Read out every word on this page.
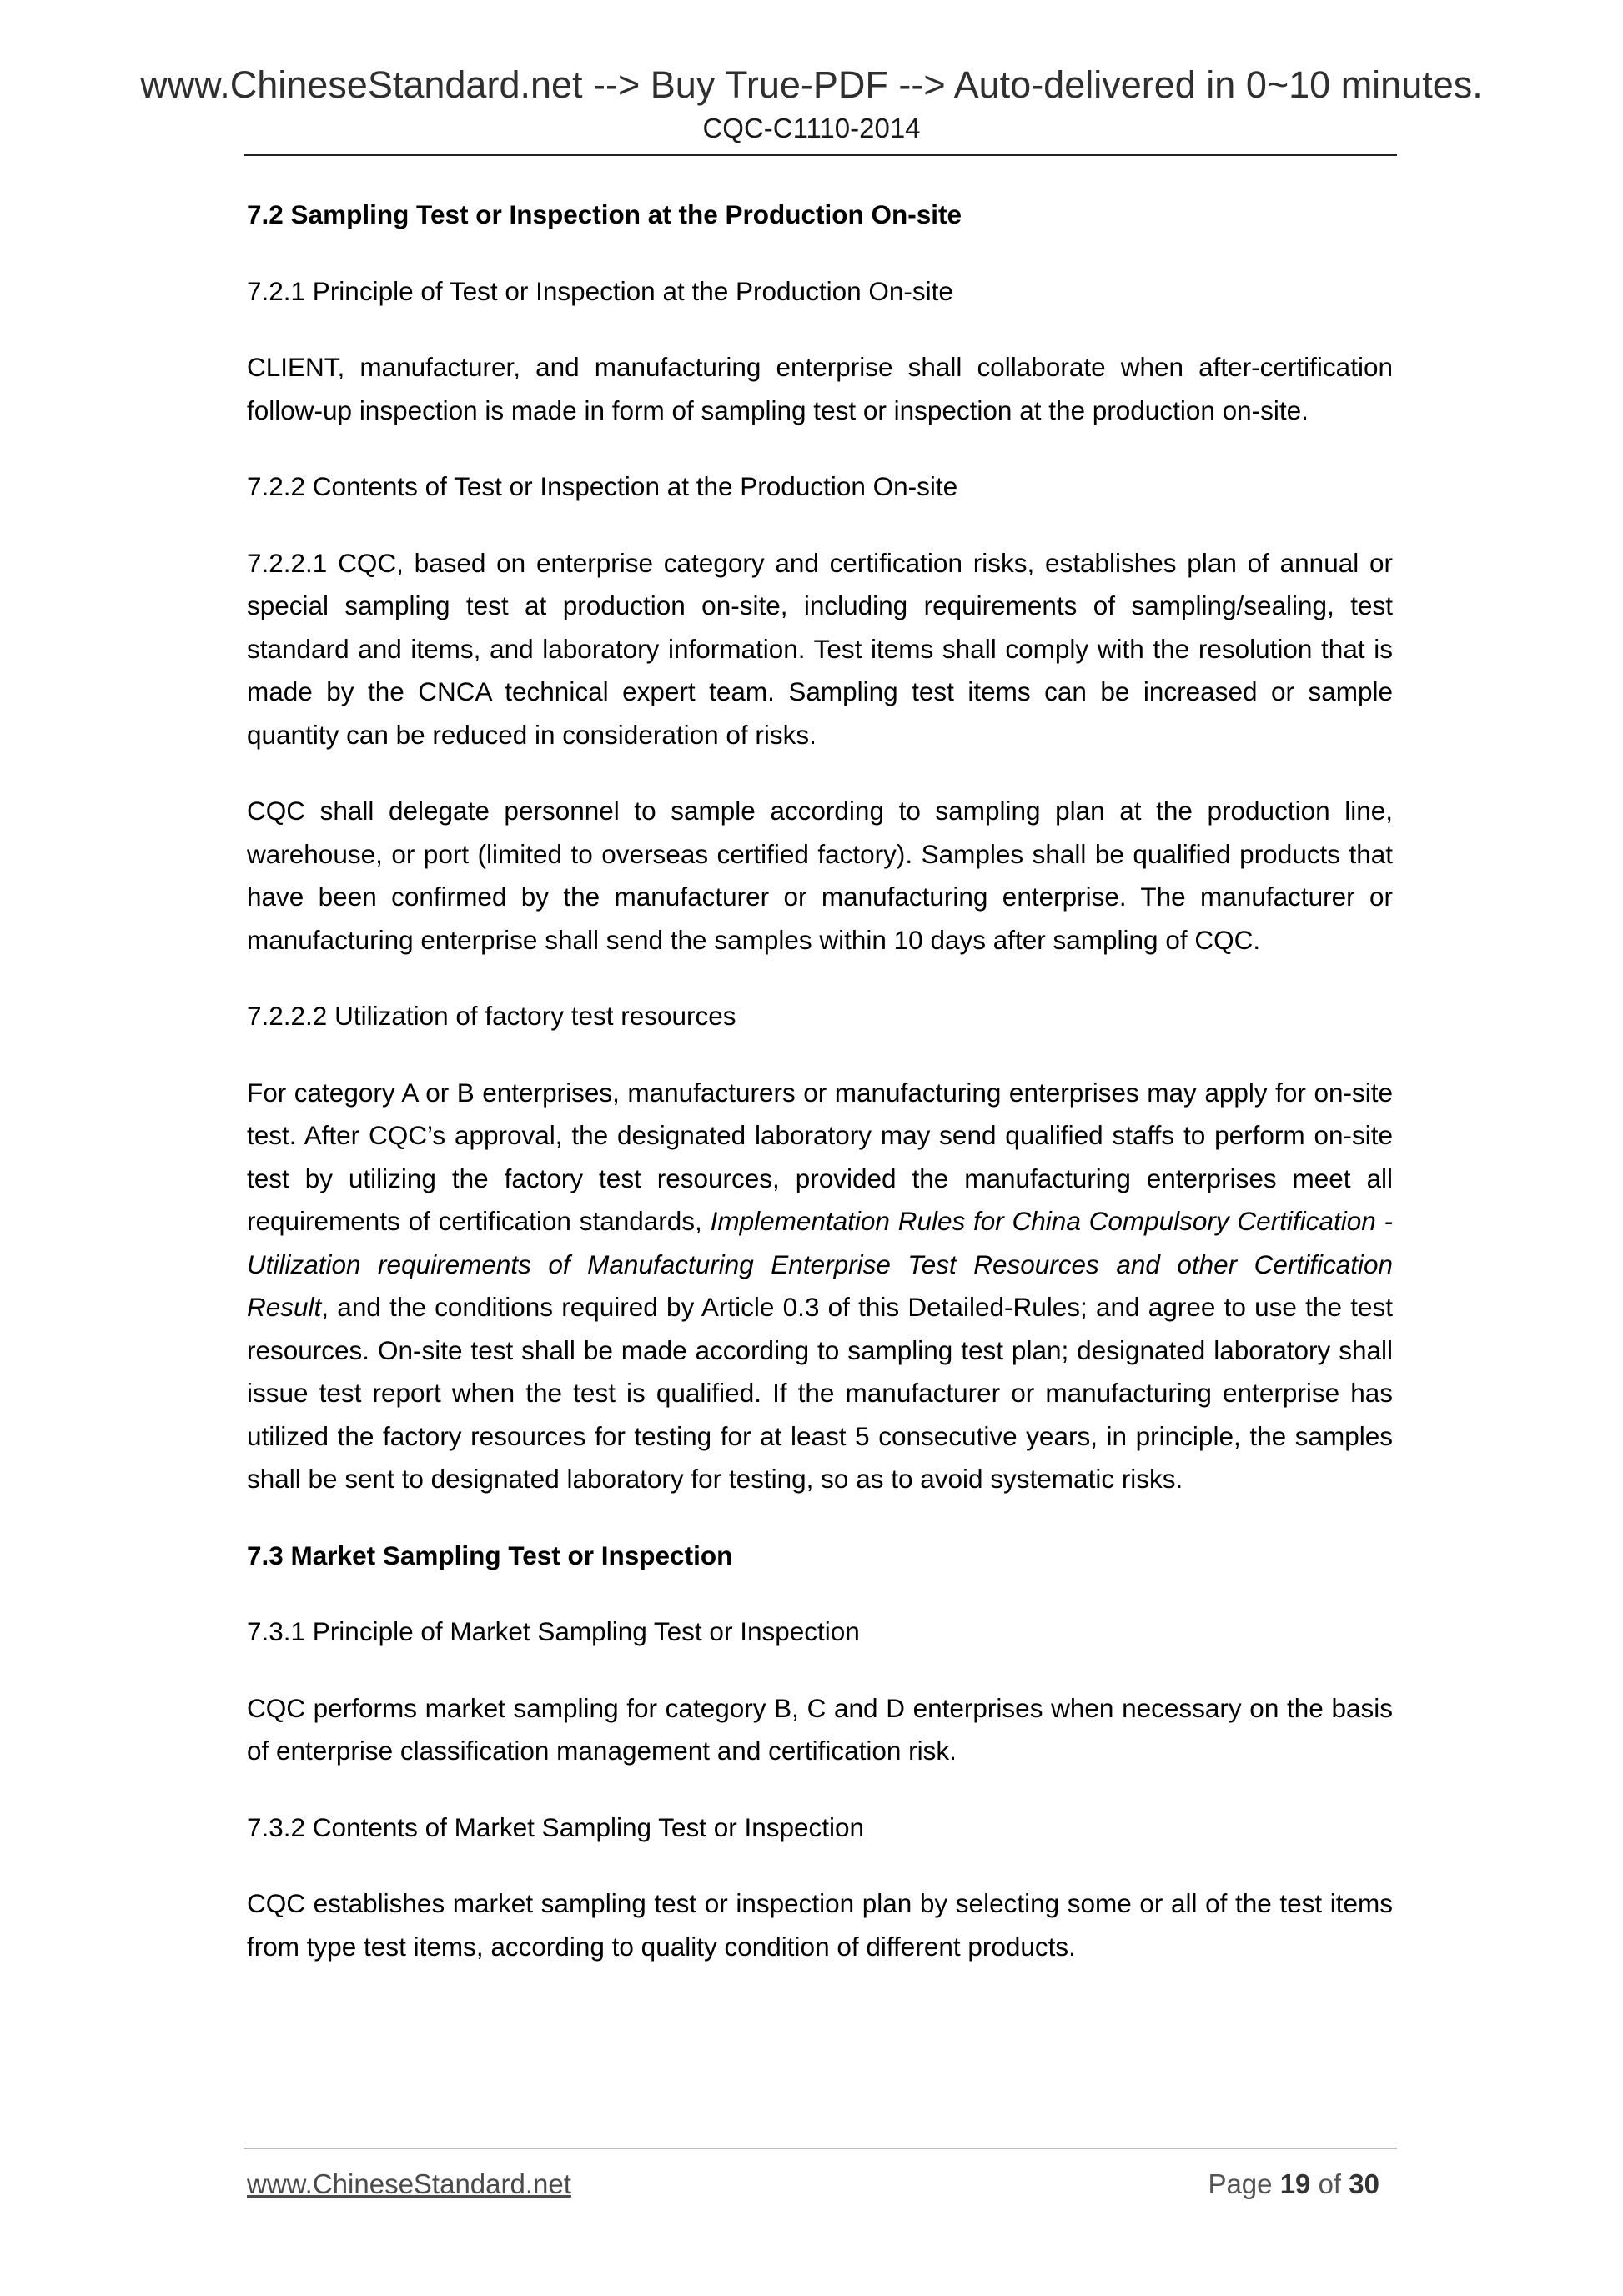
www.ChineseStandard.net --> Buy True-PDF --> Auto-delivered in 0~10 minutes.
CQC-C1110-2014

7.2 Sampling Test or Inspection at the Production On-site

7.2.1 Principle of Test or Inspection at the Production On-site

CLIENT, manufacturer, and manufacturing enterprise shall collaborate when after-certification follow-up inspection is made in form of sampling test or inspection at the production on-site.

7.2.2 Contents of Test or Inspection at the Production On-site

7.2.2.1 CQC, based on enterprise category and certification risks, establishes plan of annual or special sampling test at production on-site, including requirements of sampling/sealing, test standard and items, and laboratory information. Test items shall comply with the resolution that is made by the CNCA technical expert team. Sampling test items can be increased or sample quantity can be reduced in consideration of risks.

CQC shall delegate personnel to sample according to sampling plan at the production line, warehouse, or port (limited to overseas certified factory). Samples shall be qualified products that have been confirmed by the manufacturer or manufacturing enterprise. The manufacturer or manufacturing enterprise shall send the samples within 10 days after sampling of CQC.

7.2.2.2 Utilization of factory test resources

For category A or B enterprises, manufacturers or manufacturing enterprises may apply for on-site test. After CQC’s approval, the designated laboratory may send qualified staffs to perform on-site test by utilizing the factory test resources, provided the manufacturing enterprises meet all requirements of certification standards, Implementation Rules for China Compulsory Certification - Utilization requirements of Manufacturing Enterprise Test Resources and other Certification Result, and the conditions required by Article 0.3 of this Detailed-Rules; and agree to use the test resources. On-site test shall be made according to sampling test plan; designated laboratory shall issue test report when the test is qualified. If the manufacturer or manufacturing enterprise has utilized the factory resources for testing for at least 5 consecutive years, in principle, the samples shall be sent to designated laboratory for testing, so as to avoid systematic risks.

7.3 Market Sampling Test or Inspection

7.3.1 Principle of Market Sampling Test or Inspection

CQC performs market sampling for category B, C and D enterprises when necessary on the basis of enterprise classification management and certification risk.

7.3.2 Contents of Market Sampling Test or Inspection

CQC establishes market sampling test or inspection plan by selecting some or all of the test items from type test items, according to quality condition of different products.

www.ChineseStandard.net	Page 19 of 30
